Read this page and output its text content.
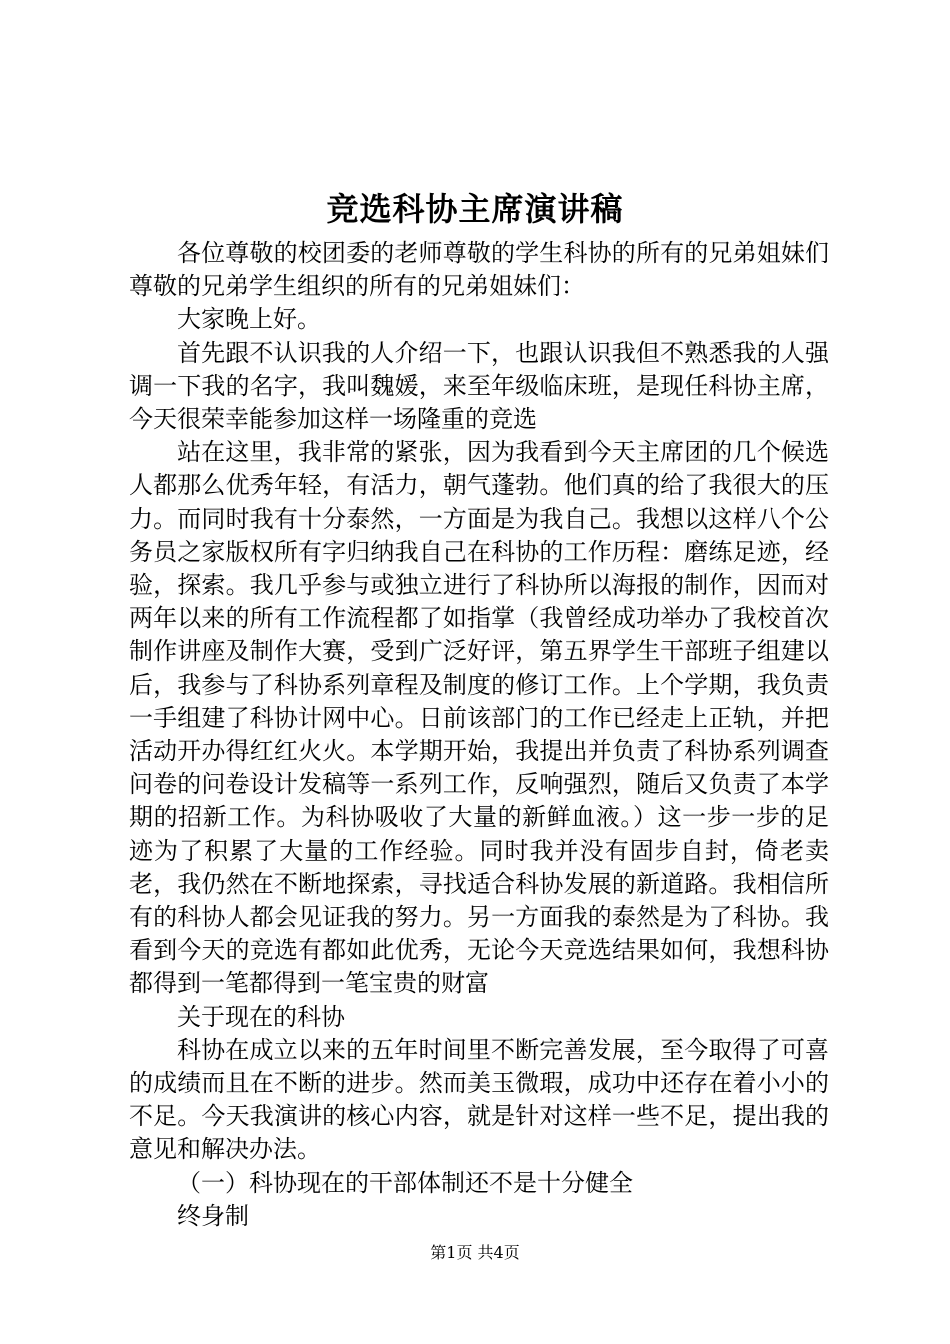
竞选科协主席演讲稿

各位尊敬的校团委的老师尊敬的学生科协的所有的兄弟姐妹们尊敬的兄弟学生组织的所有的兄弟姐妹们：

大家晚上好。

首先跟不认识我的人介绍一下，也跟认识我但不熟悉我的人强调一下我的名字，我叫魏媛，来至年级临床班，是现任科协主席，今天很荣幸能参加这样一场隆重的竞选

站在这里，我非常的紧张，因为我看到今天主席团的几个候选人都那么优秀年轻，有活力，朝气蓬勃。他们真的给了我很大的压力。而同时我有十分泰然，一方面是为我自己。我想以这样八个公务员之家版权所有字归纳我自己在科协的工作历程：磨练足迹，经验，探索。我几乎参与或独立进行了科协所以海报的制作，因而对两年以来的所有工作流程都了如指掌（我曾经成功举办了我校首次制作讲座及制作大赛，受到广泛好评，第五界学生干部班子组建以后，我参与了科协系列章程及制度的修订工作。上个学期，我负责一手组建了科协计网中心。日前该部门的工作已经走上正轨，并把活动开办得红红火火。本学期开始，我提出并负责了科协系列调查问卷的问卷设计发稿等一系列工作，反响强烈，随后又负责了本学期的招新工作。为科协吸收了大量的新鲜血液。）这一步一步的足迹为了积累了大量的工作经验。同时我并没有固步自封，倚老卖老，我仍然在不断地探索，寻找适合科协发展的新道路。我相信所有的科协人都会见证我的努力。另一方面我的泰然是为了科协。我看到今天的竞选有都如此优秀，无论今天竞选结果如何，我想科协都得到一笔都得到一笔宝贵的财富

关于现在的科协

科协在成立以来的五年时间里不断完善发展，至今取得了可喜的成绩而且在不断的进步。然而美玉微瑕，成功中还存在着小小的不足。今天我演讲的核心内容，就是针对这样一些不足，提出我的意见和解决办法。

（一）科协现在的干部体制还不是十分健全

终身制

第1页 共4页
